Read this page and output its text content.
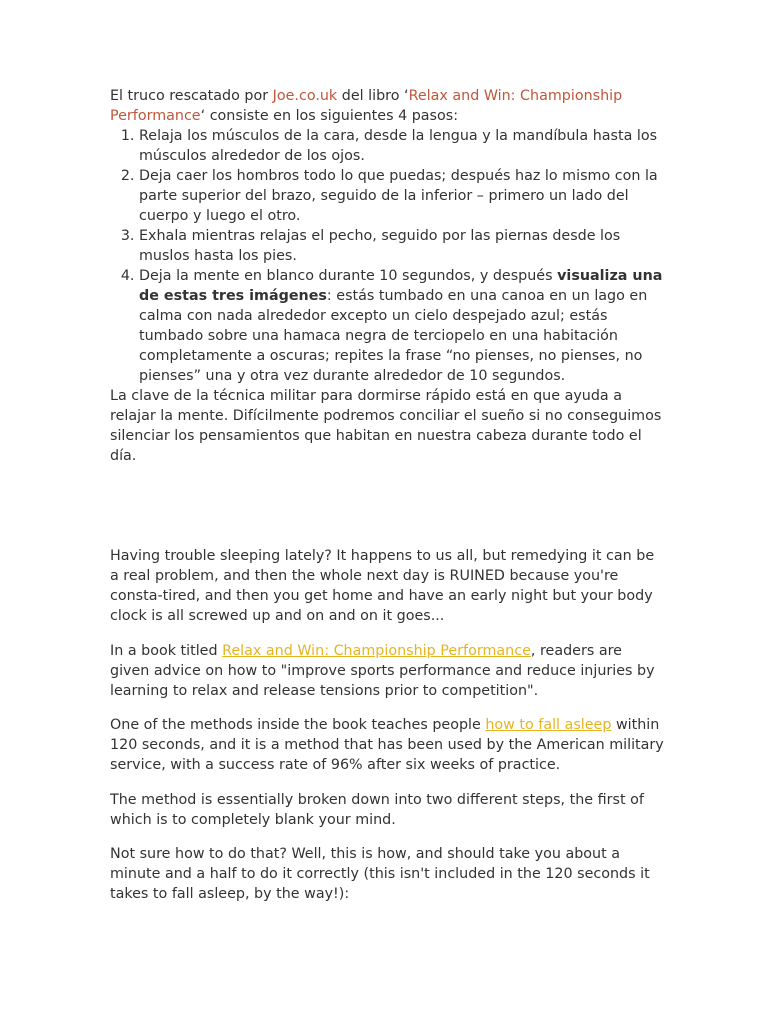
El truco rescatado por Joe.co.uk del libro ‘Relax and Win: Championship Performance‘ consiste en los siguientes 4 pasos:

1. Relaja los músculos de la cara, desde la lengua y la mandíbula hasta los músculos alrededor de los ojos.
2. Deja caer los hombros todo lo que puedas; después haz lo mismo con la parte superior del brazo, seguido de la inferior – primero un lado del cuerpo y luego el otro.
3. Exhala mientras relajas el pecho, seguido por las piernas desde los muslos hasta los pies.
4. Deja la mente en blanco durante 10 segundos, y después visualiza una de estas tres imágenes: estás tumbado en una canoa en un lago en calma con nada alrededor excepto un cielo despejado azul; estás tumbado sobre una hamaca negra de terciopelo en una habitación completamente a oscuras; repites la frase “no pienses, no pienses, no pienses” una y otra vez durante alrededor de 10 segundos.

La clave de la técnica militar para dormirse rápido está en que ayuda a relajar la mente. Difícilmente podremos conciliar el sueño si no conseguimos silenciar los pensamientos que habitan en nuestra cabeza durante todo el día.

Having trouble sleeping lately? It happens to us all, but remedying it can be a real problem, and then the whole next day is RUINED because you're consta-tired, and then you get home and have an early night but your body clock is all screwed up and on and on it goes...

In a book titled Relax and Win: Championship Performance, readers are given advice on how to "improve sports performance and reduce injuries by learning to relax and release tensions prior to competition".

One of the methods inside the book teaches people how to fall asleep within 120 seconds, and it is a method that has been used by the American military service, with a success rate of 96% after six weeks of practice.

The method is essentially broken down into two different steps, the first of which is to completely blank your mind.

Not sure how to do that? Well, this is how, and should take you about a minute and a half to do it correctly (this isn't included in the 120 seconds it takes to fall asleep, by the way!):
